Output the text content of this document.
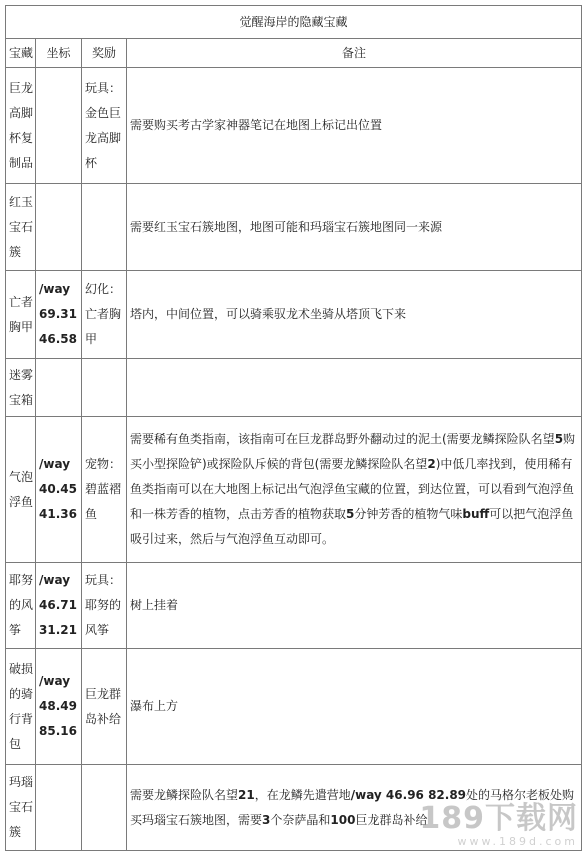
觉醒海岸的隐藏宝藏			
宝藏	坐标	奖励	备注
巨龙高脚杯复制品		玩具：金色巨龙高脚杯	需要购买考古学家神器笔记在地图上标记出位置
红玉宝石簇			需要红玉宝石簇地图，地图可能和玛瑙宝石簇地图同一来源
亡者胸甲	/way 69.31 46.58	幻化：亡者胸甲	塔内，中间位置，可以骑乘驭龙术坐骑从塔顶飞下来
迷雾宝箱			
气泡浮鱼	/way 40.45 41.36	宠物：碧蓝褶鱼	需要稀有鱼类指南，该指南可在巨龙群岛野外翻动过的泥土(需要龙鳞探险队名望5购买小型探险铲)或探险队斥候的背包(需要龙鳞探险队名望2)中低几率找到，使用稀有鱼类指南可以在大地图上标记出气泡浮鱼宝藏的位置，到达位置，可以看到气泡浮鱼和一株芳香的植物，点击芳香的植物获取5分钟芳香的植物气味buff可以把气泡浮鱼吸引过来，然后与气泡浮鱼互动即可。
耶努的风筝	/way 46.71 31.21	玩具：耶努的风筝	树上挂着
破损的骑行背包	/way 48.49 85.16	巨龙群岛补给	瀑布上方
玛瑙宝石簇			需要龙鳞探险队名望21，在龙鳞先遣营地/way 46.96 82.89处的马格尔老板处购买玛瑙宝石簇地图，需要3个奈萨晶和100巨龙群岛补给
189下载网
www.189d.com
